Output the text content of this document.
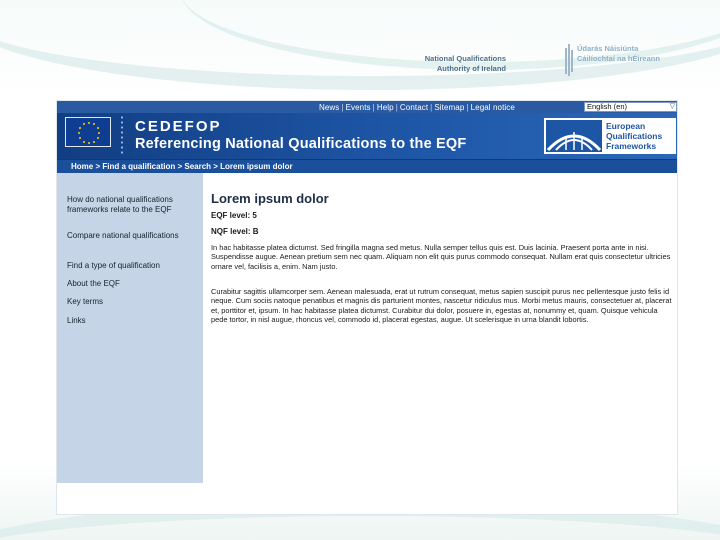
National Qualifications
Authority of Ireland
Údarás Náisiúnta
Cáilíochtaí na hÉireann
News | Events | Help | Contact | Sitemap | Legal notice	English (en)	▽
CEDEFOP
Referencing National Qualifications to the EQF
European
Qualifications
Frameworks
Home > Find a qualification > Search > Lorem ipsum dolor
How do national qualifications frameworks relate to the EQF
Compare national qualifications
Find a type of qualification
About the EQF
Key terms
Links
Lorem ipsum dolor
EQF level: 5
NQF level: B
In hac habitasse platea dictumst. Sed fringilla magna sed metus. Nulla semper tellus quis est. Duis lacinia. Praesent porta ante in nisi. Suspendisse augue. Aenean pretium sem nec quam. Aliquam non elit quis purus commodo consequat. Nullam erat quis consectetur ultricies ornare vel, facilisis a, enim. Nam justo.
Curabitur sagittis ullamcorper sem. Aenean malesuada, erat ut rutrum consequat, metus sapien suscipit purus nec pellentesque justo felis id neque. Cum sociis natoque penatibus et magnis dis parturient montes, nascetur ridiculus mus. Morbi metus mauris, consectetuer at, placerat et, porttitor et, ipsum. In hac habitasse platea dictumst. Curabitur dui dolor, posuere in, egestas at, nonummy et, quam. Quisque vehicula pede tortor, in nisl augue, rhoncus vel, commodo id, placerat egestas, augue. Ut scelerisque in urna blandit lobortis.
